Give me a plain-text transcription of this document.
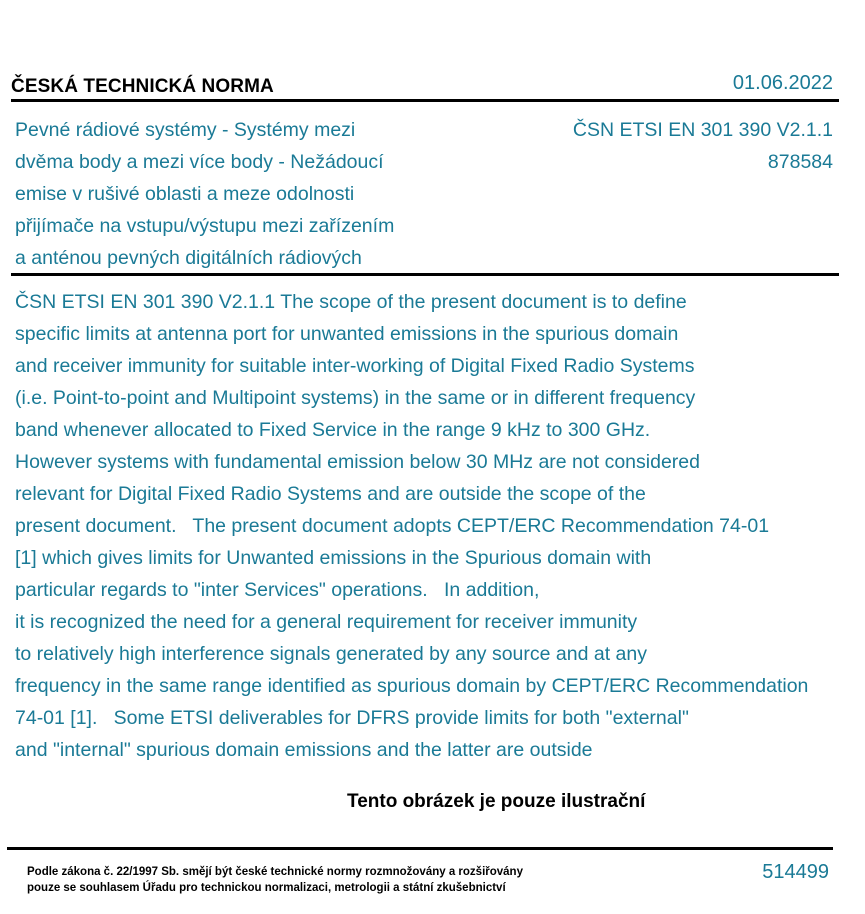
ČESKÁ TECHNICKÁ NORMA	01.06.2022
Pevné rádiové systémy - Systémy mezi
dvěma body a mezi více body - Nežádoucí
emise v rušivé oblasti a meze odolnosti
přijímače na vstupu/výstupu mezi zařízením
a anténou pevných digitálních rádiových
ČSN ETSI EN 301 390 V2.1.1
878584
ČSN ETSI EN 301 390 V2.1.1 The scope of the present document is to define
specific limits at antenna port for unwanted emissions in the spurious domain
and receiver immunity for suitable inter-working of Digital Fixed Radio Systems
(i.e. Point-to-point and Multipoint systems) in the same or in different frequency
band whenever allocated to Fixed Service in the range 9 kHz to 300 GHz.
However systems with fundamental emission below 30 MHz are not considered
relevant for Digital Fixed Radio Systems and are outside the scope of the
present document.   The present document adopts CEPT/ERC Recommendation 74-01
[1] which gives limits for Unwanted emissions in the Spurious domain with
particular regards to "inter Services" operations.   In addition,
it is recognized the need for a general requirement for receiver immunity
to relatively high interference signals generated by any source and at any
frequency in the same range identified as spurious domain by CEPT/ERC Recommendation
74-01 [1].   Some ETSI deliverables for DFRS provide limits for both "external"
and "internal" spurious domain emissions and the latter are outside
Tento obrázek je pouze ilustrační
Podle zákona č. 22/1997 Sb. smějí být české technické normy rozmnožovány a rozšiřovány
pouze se souhlasem Úřadu pro technickou normalizaci, metrologii a státní zkušebnictví
514499
